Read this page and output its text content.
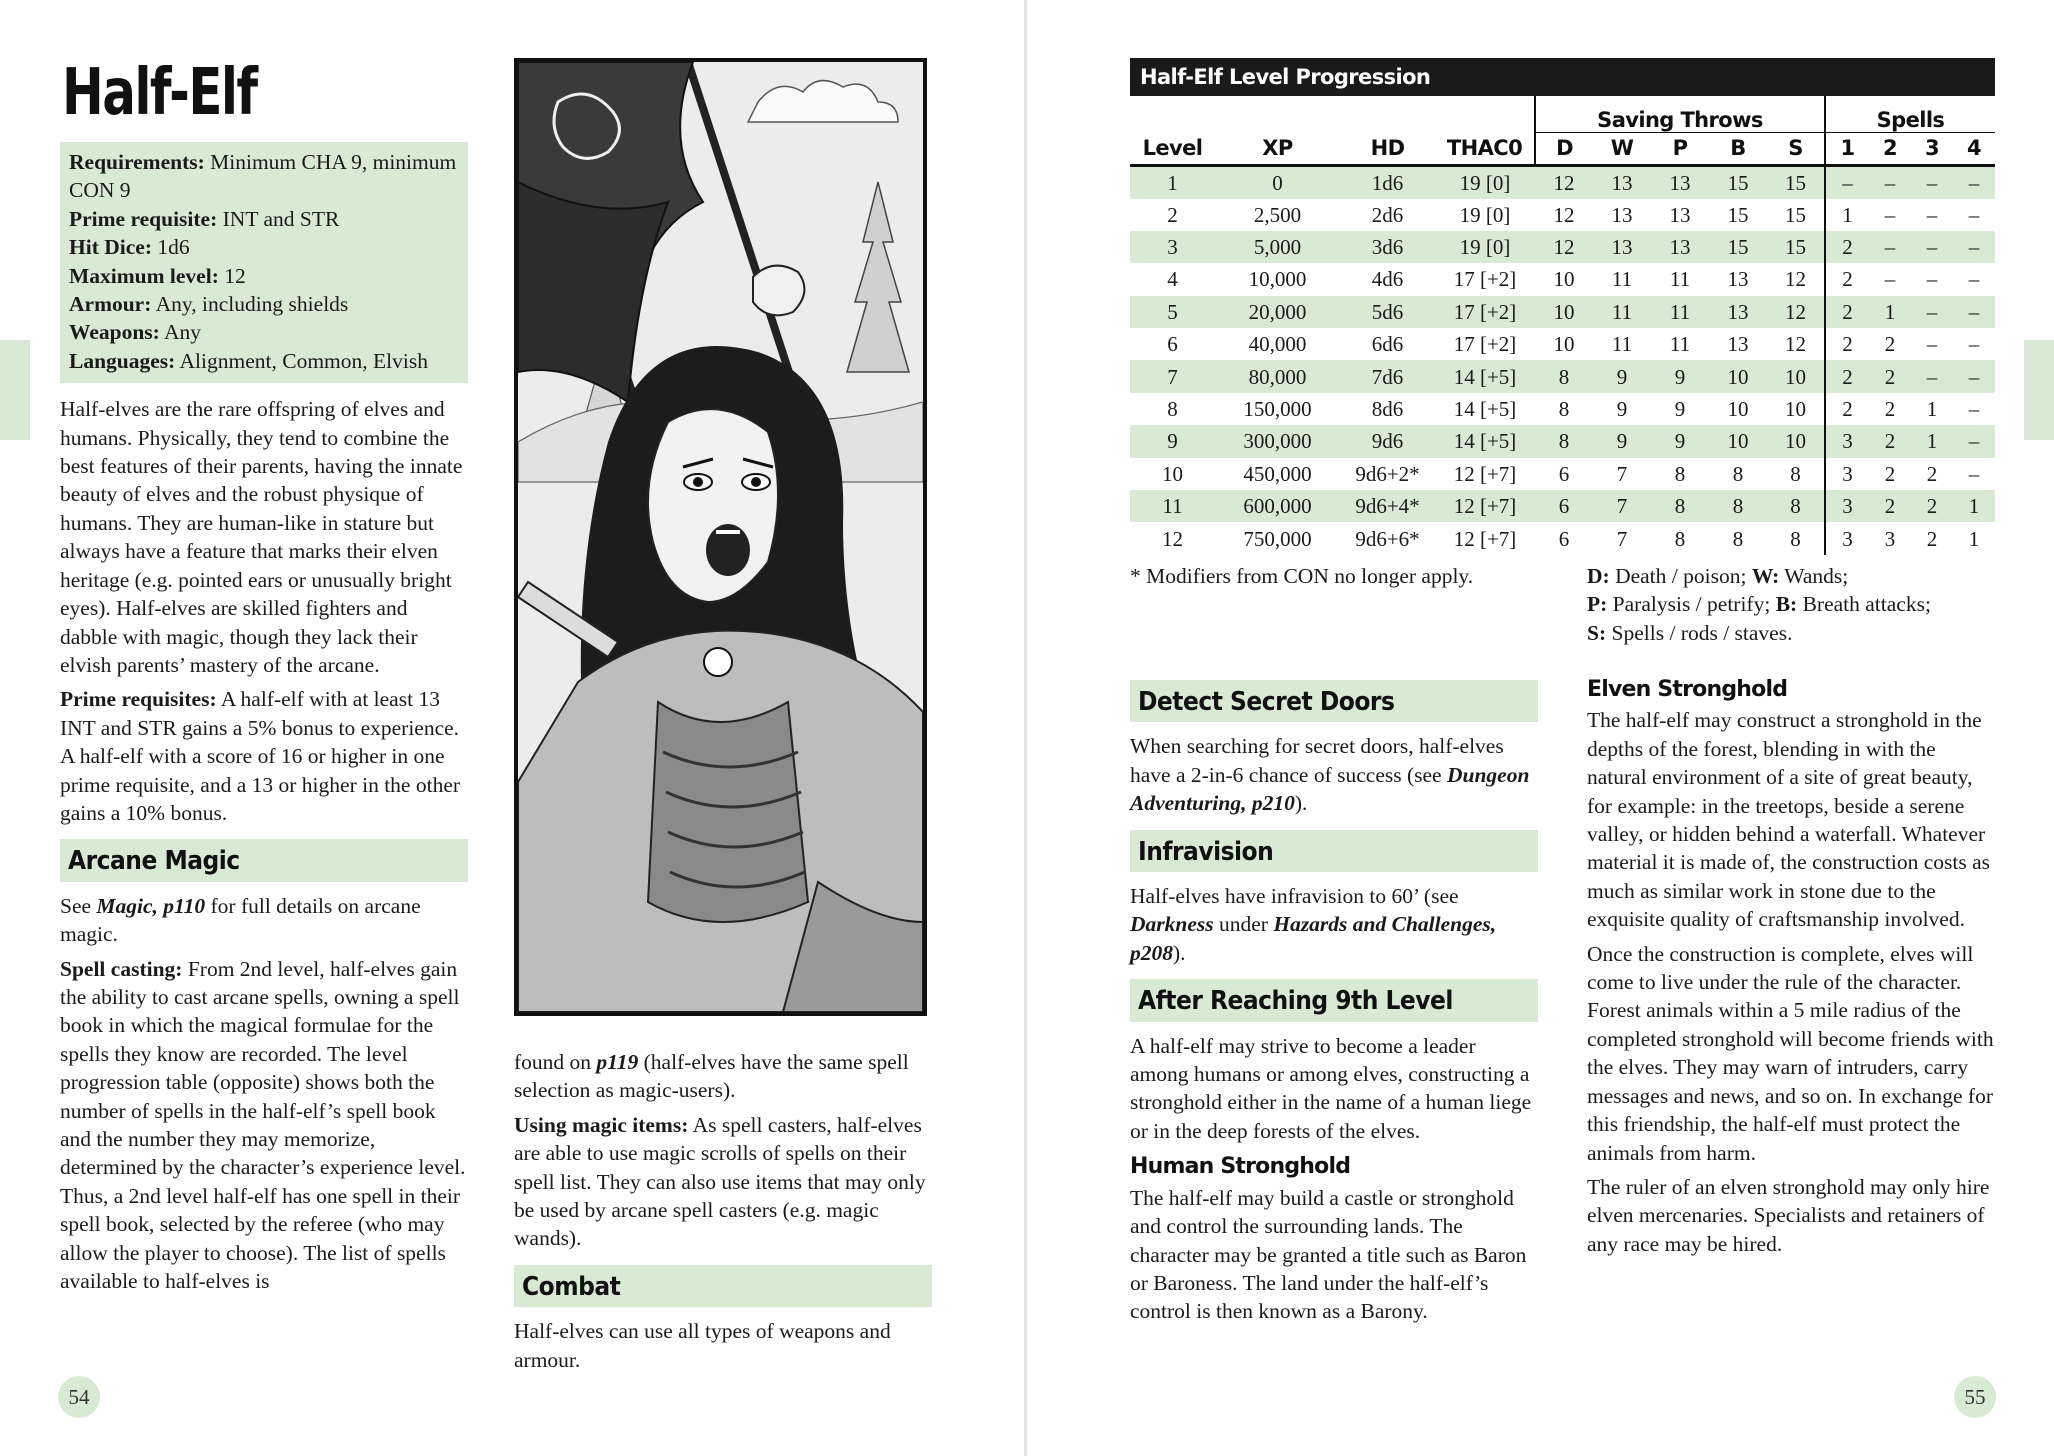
Half-Elf
Requirements: Minimum CHA 9, minimum CON 9
Prime requisite: INT and STR
Hit Dice: 1d6
Maximum level: 12
Armour: Any, including shields
Weapons: Any
Languages: Alignment, Common, Elvish

Half-elves are the rare offspring of elves and humans. Physically, they tend to combine the best features of their parents, having the innate beauty of elves and the robust physique of humans. They are human-like in stature but always have a feature that marks their elven heritage (e.g. pointed ears or unusually bright eyes). Half-elves are skilled fighters and dabble with magic, though they lack their elvish parents’ mastery of the arcane.

Prime requisites: A half-elf with at least 13 INT and STR gains a 5% bonus to experience. A half-elf with a score of 16 or higher in one prime requisite, and a 13 or higher in the other gains a 10% bonus.

Arcane Magic

See Magic, p110 for full details on arcane magic.

Spell casting: From 2nd level, half-elves gain the ability to cast arcane spells, owning a spell book in which the magical formulae for the spells they know are recorded. The level progression table (opposite) shows both the number of spells in the half-elf’s spell book and the number they may memorize, determined by the character’s experience level. Thus, a 2nd level half-elf has one spell in their spell book, selected by the referee (who may allow the player to choose). The list of spells available to half-elves is

found on p119 (half-elves have the same spell selection as magic-users).

Using magic items: As spell casters, half-elves are able to use magic scrolls of spells on their spell list. They can also use items that may only be used by arcane spell casters (e.g. magic wands).

Combat

Half-elves can use all types of weapons and armour.

54
Half-Elf Level Progression
				Saving Throws					Spells			
Level	XP	HD	THAC0	D	W	P	B	S	1	2	3	4
1	0	1d6	19 [0]	12	13	13	15	15	–	–	–	–
2	2,500	2d6	19 [0]	12	13	13	15	15	1	–	–	–
3	5,000	3d6	19 [0]	12	13	13	15	15	2	–	–	–
4	10,000	4d6	17 [+2]	10	11	11	13	12	2	–	–	–
5	20,000	5d6	17 [+2]	10	11	11	13	12	2	1	–	–
6	40,000	6d6	17 [+2]	10	11	11	13	12	2	2	–	–
7	80,000	7d6	14 [+5]	8	9	9	10	10	2	2	–	–
8	150,000	8d6	14 [+5]	8	9	9	10	10	2	2	1	–
9	300,000	9d6	14 [+5]	8	9	9	10	10	3	2	1	–
10	450,000	9d6+2*	12 [+7]	6	7	8	8	8	3	2	2	–
11	600,000	9d6+4*	12 [+7]	6	7	8	8	8	3	2	2	1
12	750,000	9d6+6*	12 [+7]	6	7	8	8	8	3	3	2	1
* Modifiers from CON no longer apply.	D: Death / poison; W: Wands;
P: Paralysis / petrify; B: Breath attacks;
S: Spells / rods / staves.
Detect Secret Doors

When searching for secret doors, half-elves have a 2-in-6 chance of success (see Dungeon Adventuring, p210).

Infravision

Half-elves have infravision to 60’ (see Darkness under Hazards and Challenges, p208).

After Reaching 9th Level

A half-elf may strive to become a leader among humans or among elves, constructing a stronghold either in the name of a human liege or in the deep forests of the elves.

Human Stronghold

The half-elf may build a castle or stronghold and control the surrounding lands. The character may be granted a title such as Baron or Baroness. The land under the half-elf’s control is then known as a Barony.

Elven Stronghold

The half-elf may construct a stronghold in the depths of the forest, blending in with the natural environment of a site of great beauty, for example: in the treetops, beside a serene valley, or hidden behind a waterfall. Whatever material it is made of, the construction costs as much as similar work in stone due to the exquisite quality of craftsmanship involved.

Once the construction is complete, elves will come to live under the rule of the character. Forest animals within a 5 mile radius of the completed stronghold will become friends with the elves. They may warn of intruders, carry messages and news, and so on. In exchange for this friendship, the half-elf must protect the animals from harm.

The ruler of an elven stronghold may only hire elven mercenaries. Specialists and retainers of any race may be hired.

55
